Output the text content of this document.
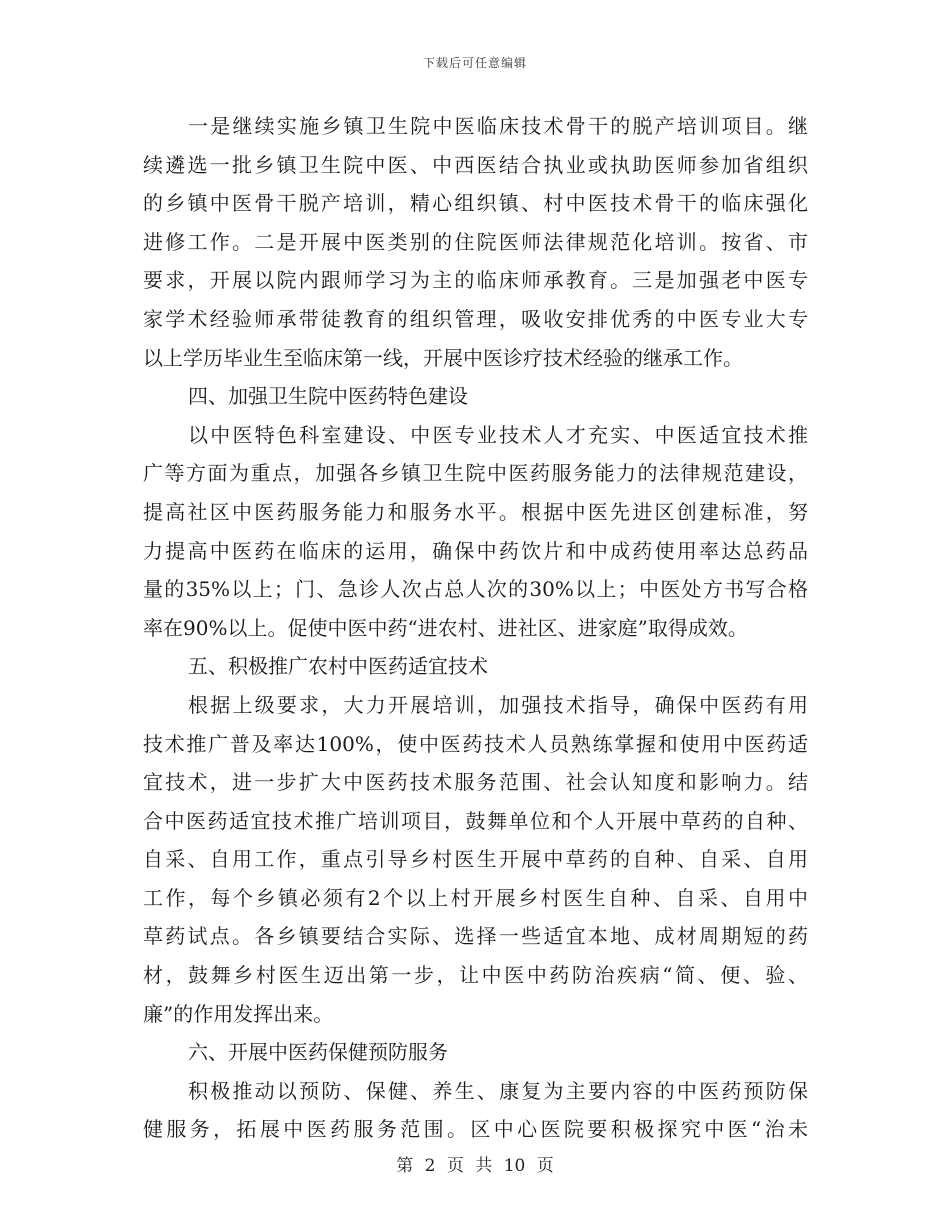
下载后可任意编辑
一是继续实施乡镇卫生院中医临床技术骨干的脱产培训项目。继
续遴选一批乡镇卫生院中医、中西医结合执业或执助医师参加省组织
的乡镇中医骨干脱产培训，精心组织镇、村中医技术骨干的临床强化
进修工作。二是开展中医类别的住院医师法律规范化培训。按省、市
要求，开展以院内跟师学习为主的临床师承教育。三是加强老中医专
家学术经验师承带徒教育的组织管理，吸收安排优秀的中医专业大专
以上学历毕业生至临床第一线，开展中医诊疗技术经验的继承工作。
四、加强卫生院中医药特色建设
以中医特色科室建设、中医专业技术人才充实、中医适宜技术推
广等方面为重点，加强各乡镇卫生院中医药服务能力的法律规范建设，
提高社区中医药服务能力和服务水平。根据中医先进区创建标准，努
力提高中医药在临床的运用，确保中药饮片和中成药使用率达总药品
量的35%以上；门、急诊人次占总人次的30%以上；中医处方书写合格
率在90%以上。促使中医中药“进农村、进社区、进家庭”取得成效。
五、积极推广农村中医药适宜技术
根据上级要求，大力开展培训，加强技术指导，确保中医药有用
技术推广普及率达100%，使中医药技术人员熟练掌握和使用中医药适
宜技术，进一步扩大中医药技术服务范围、社会认知度和影响力。结
合中医药适宜技术推广培训项目，鼓舞单位和个人开展中草药的自种、
自采、自用工作，重点引导乡村医生开展中草药的自种、自采、自用
工作，每个乡镇必须有2个以上村开展乡村医生自种、自采、自用中
草药试点。各乡镇要结合实际、选择一些适宜本地、成材周期短的药
材，鼓舞乡村医生迈出第一步，让中医中药防治疾病“简、便、验、
廉”的作用发挥出来。
六、开展中医药保健预防服务
积极推动以预防、保健、养生、康复为主要内容的中医药预防保
健服务，拓展中医药服务范围。区中心医院要积极探究中医“治未
第 2 页 共 10 页
